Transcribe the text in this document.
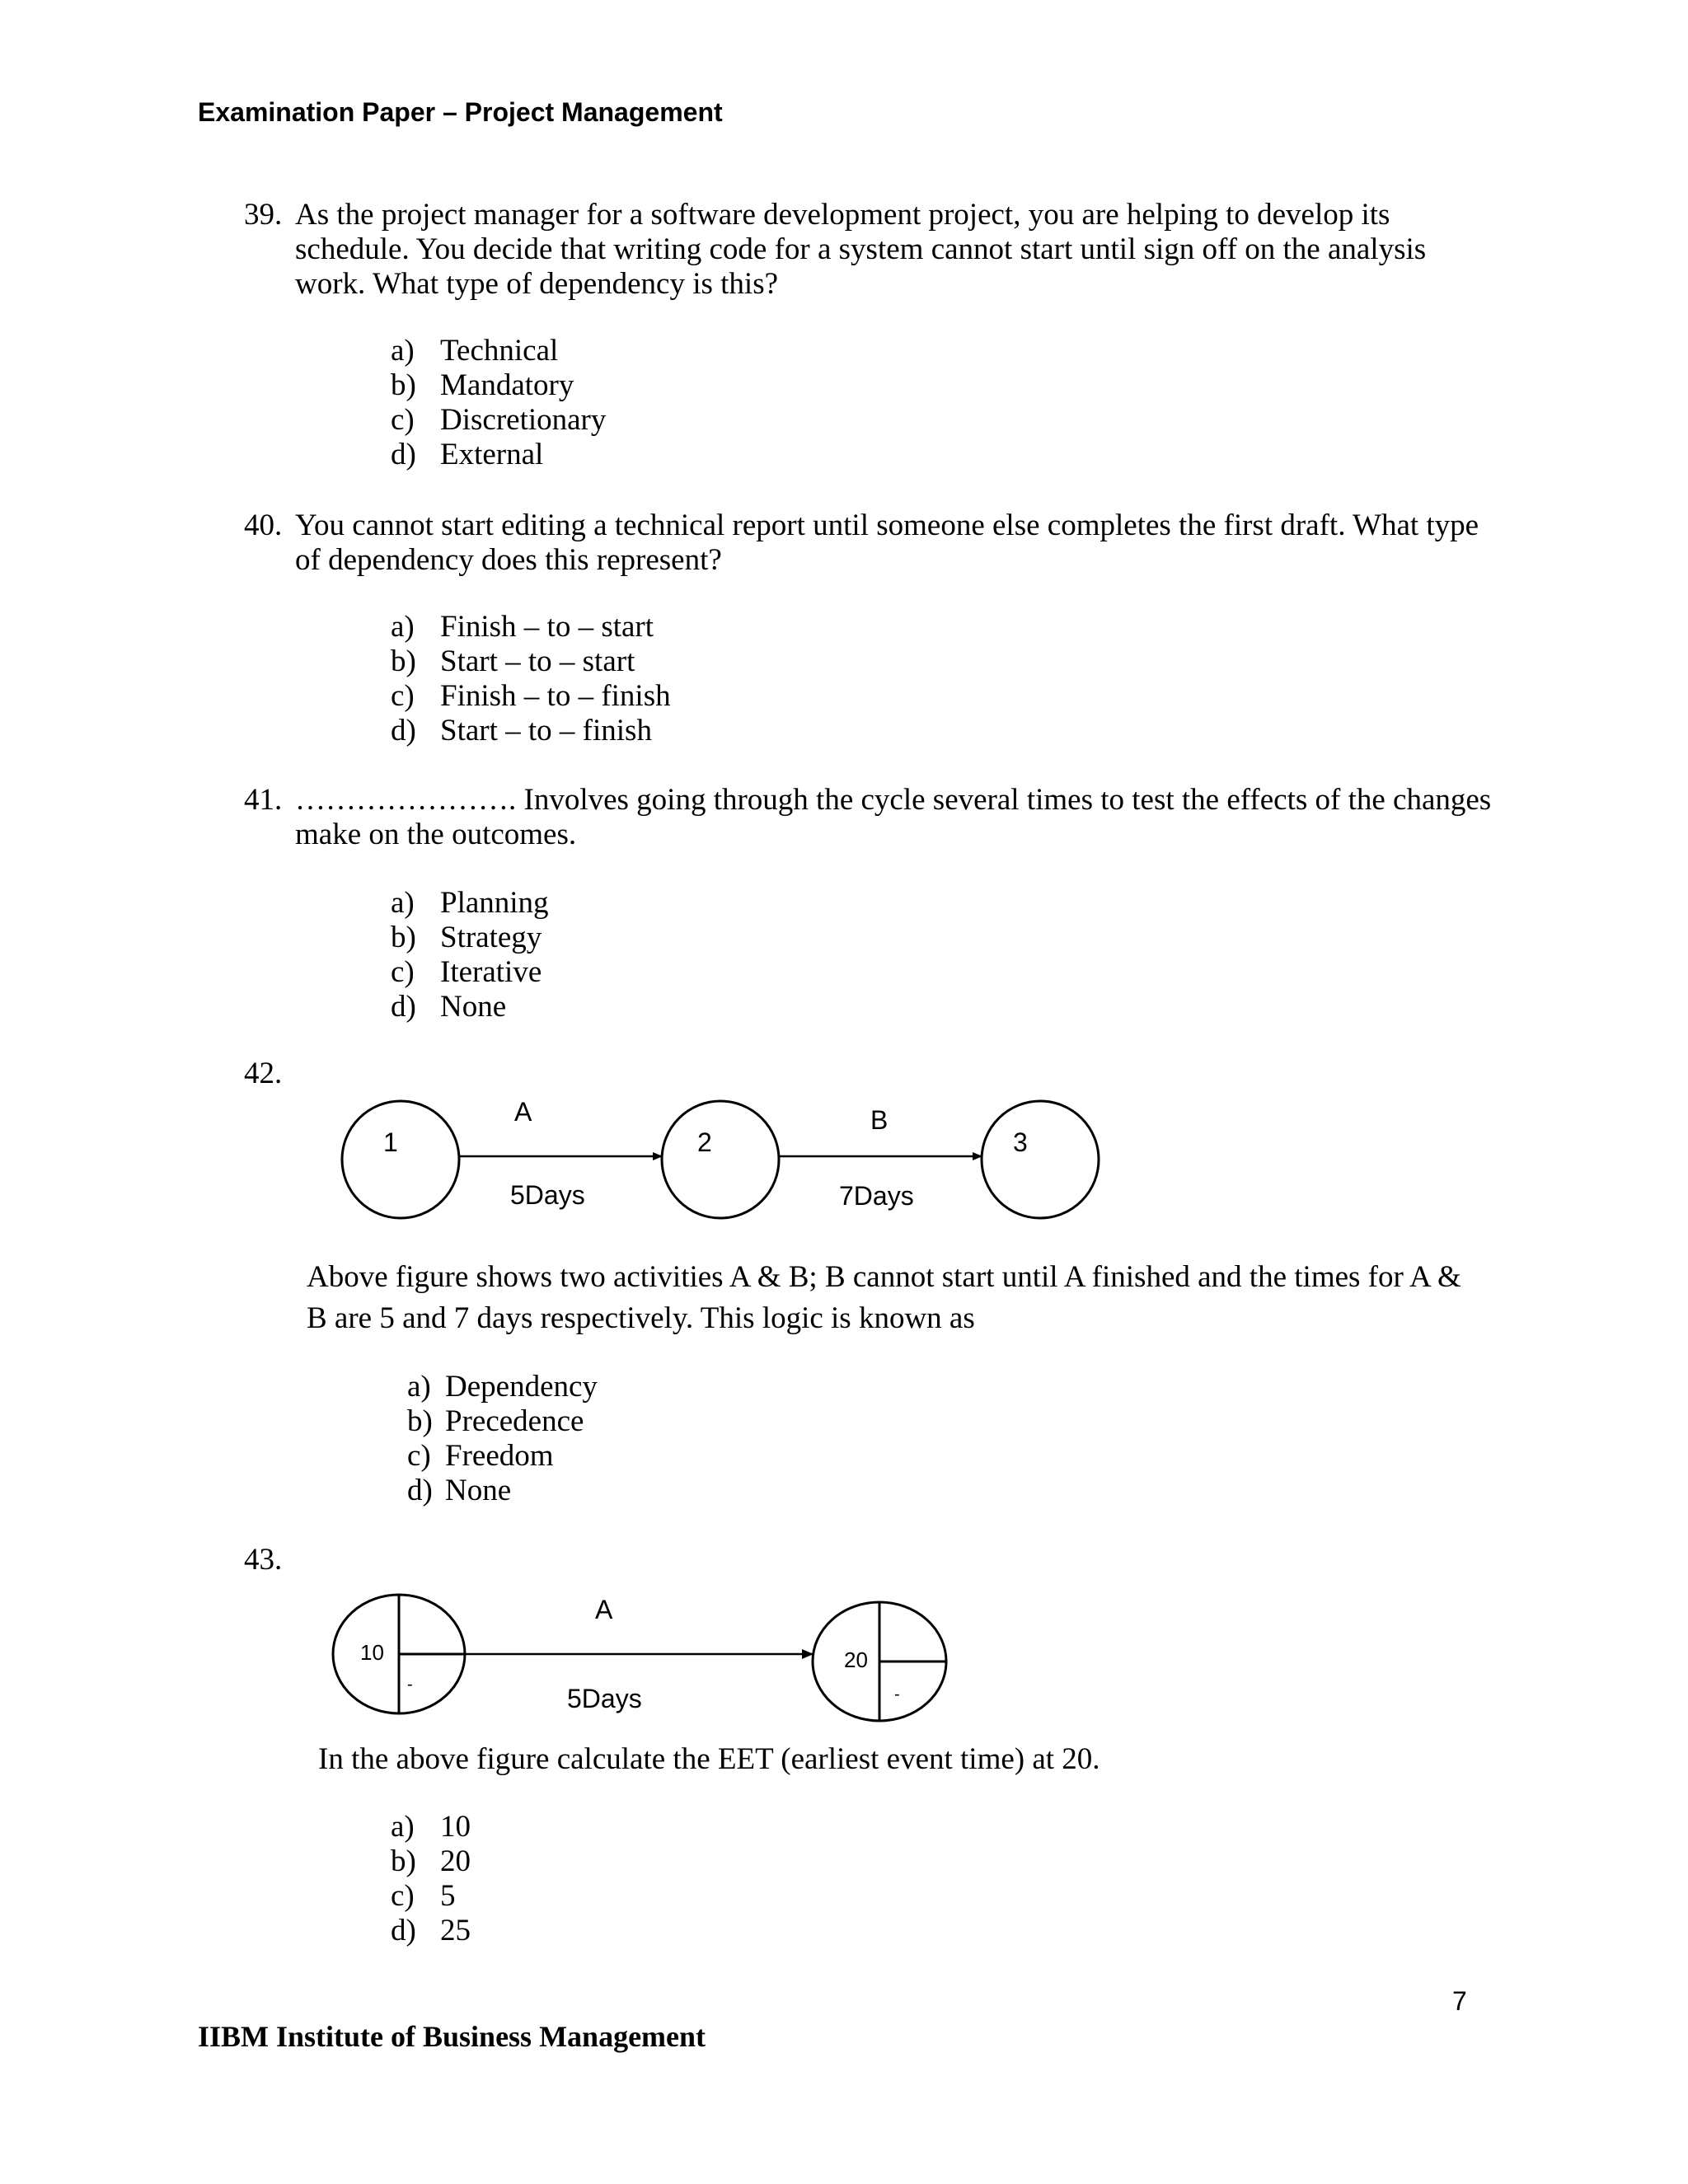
Examination Paper – Project Management
39. As the project manager for a software development project, you are helping to develop its
schedule. You decide that writing code for a system cannot start until sign off on the analysis
work. What type of dependency is this?
a) Technical
b) Mandatory
c) Discretionary
d) External
40. You cannot start editing a technical report until someone else completes the first draft. What type
of dependency does this represent?
a) Finish – to – start
b) Start – to – start
c) Finish – to – finish
d) Start – to – finish
41. …………………. Involves going through the cycle several times to test the effects of the changes
make on the outcomes.
a) Planning
b) Strategy
c) Iterative
d) None
42.
1	2	3
A
5Days
B
7Days
Above figure shows two activities A & B; B cannot start until A finished and the times for A &
B are 5 and 7 days respectively. This logic is known as
a) Dependency
b) Precedence
c) Freedom
d) None
43.
10
-
A
5Days
20
-
In the above figure calculate the EET (earliest event time) at 20.
a) 10
b) 20
c) 5
d) 25
7
IIBM Institute of Business Management
